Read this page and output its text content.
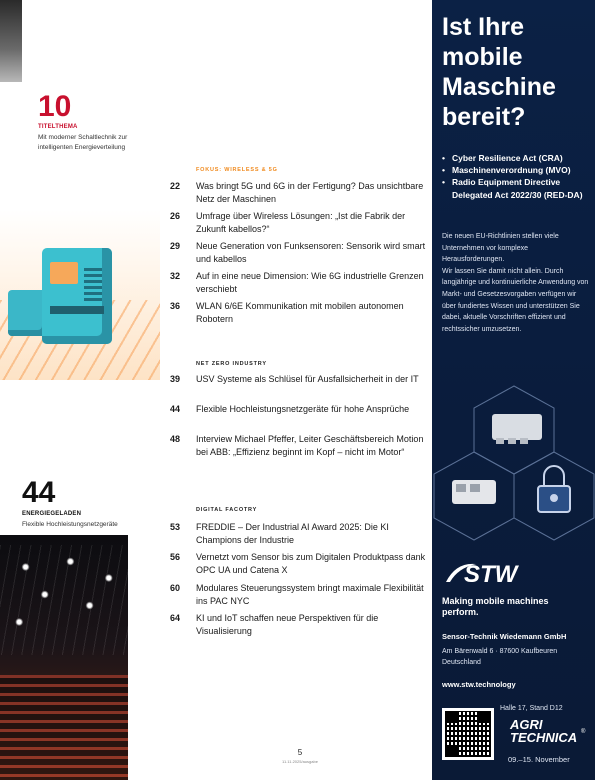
10
TITELTHEMA
Mit moderner Schaltlechnik zur intelligenten Energieverteilung
44
ENERGIEGELADEN
Flexible Hochleistungsnetzgeräte
FOKUS: WIRELESS & 5G
22	Was bringt 5G und 6G in der Fertigung? Das unsichtbare Netz der Maschinen
26	Umfrage über Wireless Lösungen: „Ist die Fabrik der Zukunft kabellos?“
29	Neue Generation von Funksensoren: Sensorik wird smart und kabellos
32	Auf in eine neue Dimension: Wie 6G industrielle Grenzen verschiebt
36	WLAN 6/6E Kommunikation mit mobilen autonomen Robotern
NET ZERO INDUSTRY
39	USV Systeme als Schlüsel für Ausfallsicherheit in der IT
44	Flexible Hochleistungsnetzgeräte für hohe Ansprüche
48	Interview Michael Pfeffer, Leiter Geschäftsbereich Motion bei ABB: „Effizienz beginnt im Kopf – nicht im Motor“
DIGITAL FACOTRY
53	FREDDIE – Der Industrial AI Award 2025: Die KI Champions der Industrie
56	Vernetzt vom Sensor bis zum Digitalen Produktpass dank OPC UA und Catena X
60	Modulares Steuerungssystem bringt maximale Flexibilität ins PAC NYC
64	KI und IoT schaffen neue Perspektiven für die Visualisierung
5
11.11.2025/ausgabe
Ist Ihre mobile Maschine bereit?
• Cyber Resilience Act (CRA)
• Maschinenverordnung (MVO)
• Radio Equipment Directive Delegated Act 2022/30 (RED-DA)

Die neuen EU-Richtlinien stellen viele Unternehmen vor komplexe Herausforderungen.

Wir lassen Sie damit nicht allein. Durch langjährige und kontinuierliche Anwendung von Markt- und Gesetzesvorgaben verfügen wir über fundiertes Wissen und unterstützen Sie dabei, aktuelle Vorschriften effizient und rechtssicher umzusetzen.

STW
Making mobile machines perform.
Sensor-Technik Wiedemann GmbH
Am Bärenwald 6 · 87600 Kaufbeuren Deutschland
www.stw.technology
Halle 17, Stand D12
AGRI
TECHNICA ®
09.–15. November
